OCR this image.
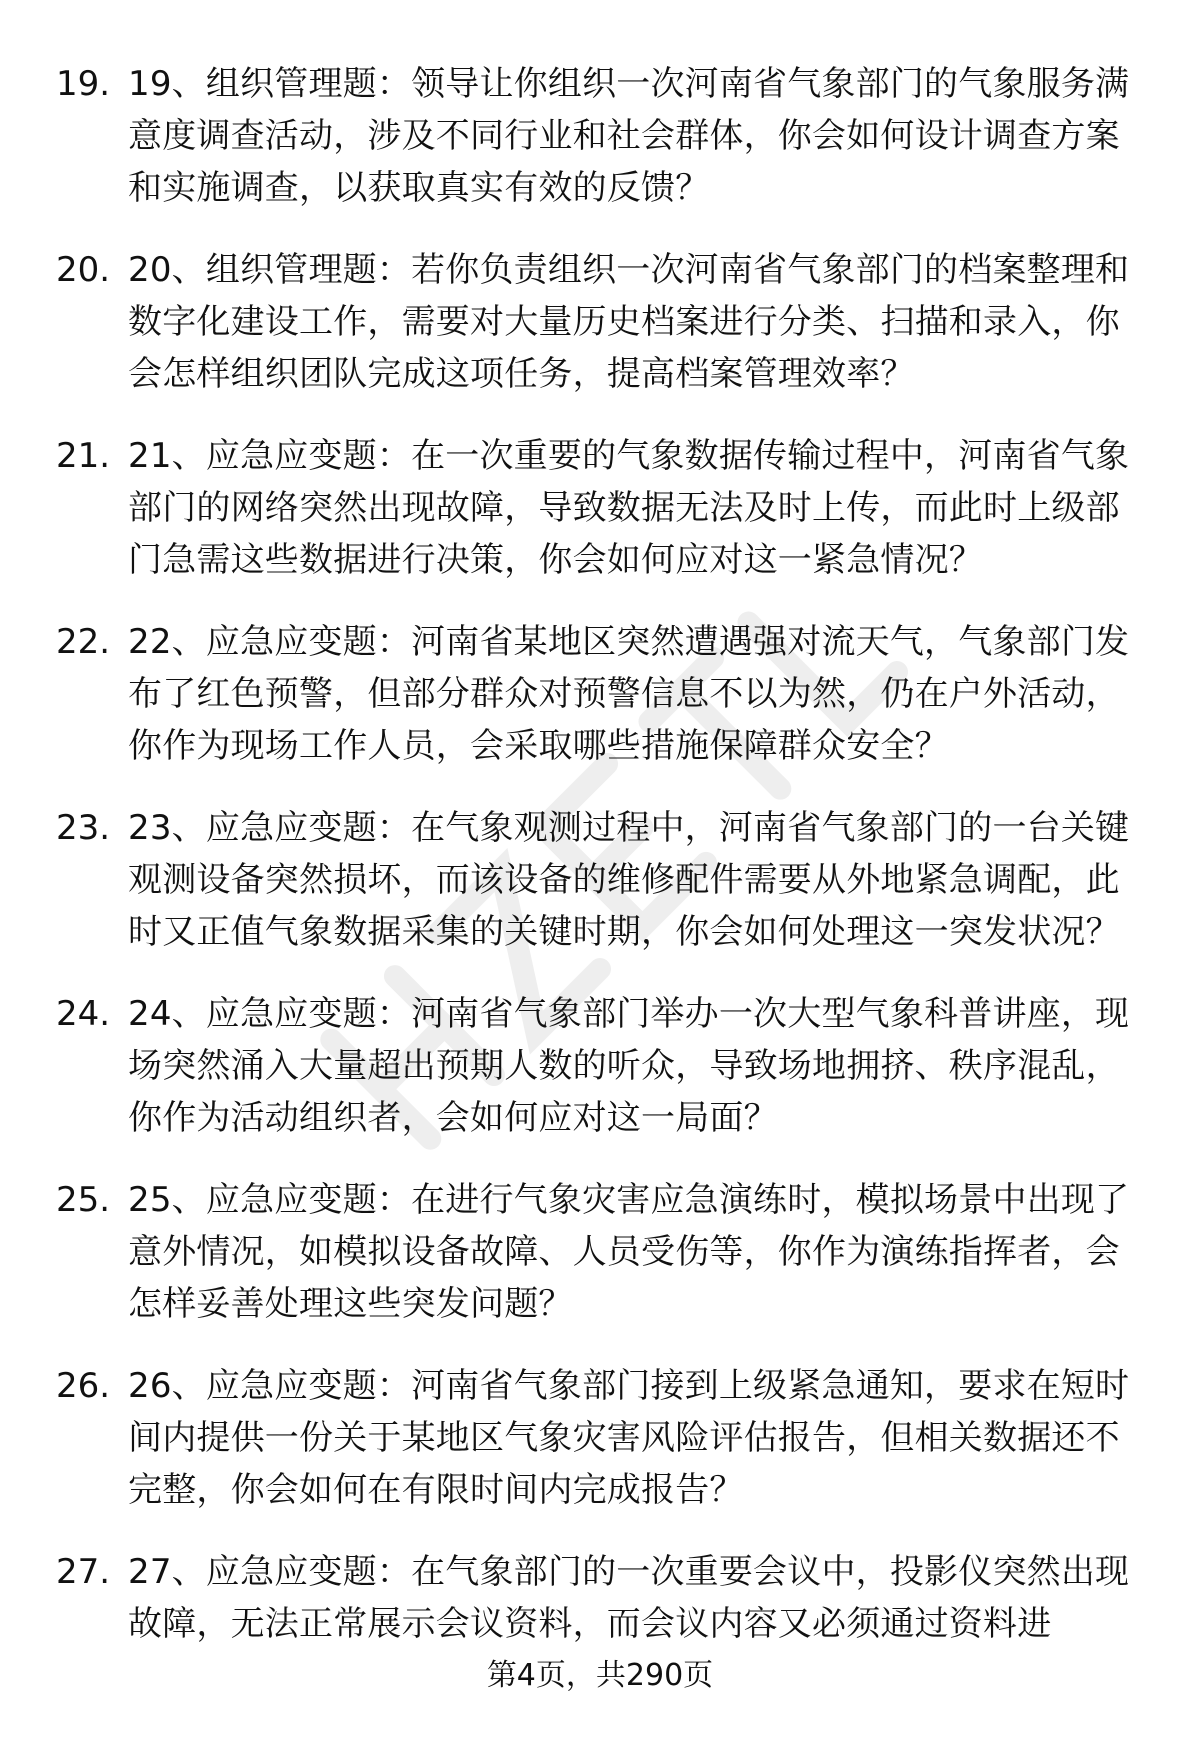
19. 19、组织管理题：领导让你组织一次河南省气象部门的气象服务满意度调查活动，涉及不同行业和社会群体，你会如何设计调查方案和实施调查，以获取真实有效的反馈？
20. 20、组织管理题：若你负责组织一次河南省气象部门的档案整理和数字化建设工作，需要对大量历史档案进行分类、扫描和录入，你会怎样组织团队完成这项任务，提高档案管理效率？
21. 21、应急应变题：在一次重要的气象数据传输过程中，河南省气象部门的网络突然出现故障，导致数据无法及时上传，而此时上级部门急需这些数据进行决策，你会如何应对这一紧急情况？
22. 22、应急应变题：河南省某地区突然遭遇强对流天气，气象部门发布了红色预警，但部分群众对预警信息不以为然，仍在户外活动，你作为现场工作人员，会采取哪些措施保障群众安全？
23. 23、应急应变题：在气象观测过程中，河南省气象部门的一台关键观测设备突然损坏，而该设备的维修配件需要从外地紧急调配，此时又正值气象数据采集的关键时期，你会如何处理这一突发状况？
24. 24、应急应变题：河南省气象部门举办一次大型气象科普讲座，现场突然涌入大量超出预期人数的听众，导致场地拥挤、秩序混乱，你作为活动组织者，会如何应对这一局面？
25. 25、应急应变题：在进行气象灾害应急演练时，模拟场景中出现了意外情况，如模拟设备故障、人员受伤等，你作为演练指挥者，会怎样妥善处理这些突发问题？
26. 26、应急应变题：河南省气象部门接到上级紧急通知，要求在短时间内提供一份关于某地区气象灾害风险评估报告，但相关数据还不完整，你会如何在有限时间内完成报告？
27. 27、应急应变题：在气象部门的一次重要会议中，投影仪突然出现故障，无法正常展示会议资料，而会议内容又必须通过资料进
第4页，共290页
